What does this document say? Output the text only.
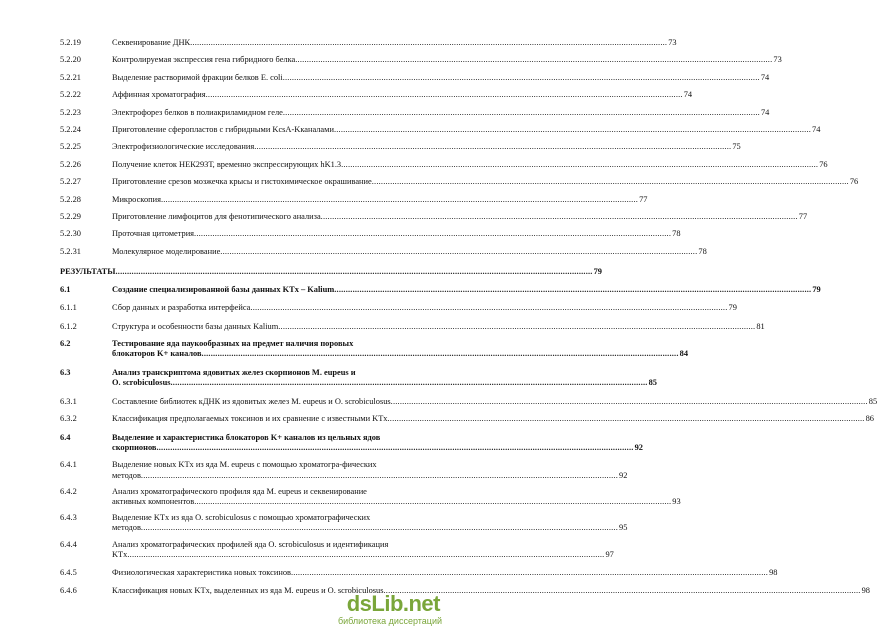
5.2.19	Секвенирование ДНК .....	73
5.2.20	Контролируемая экспрессия гена гибридного белка .....	73
5.2.21	Выделение растворимой фракции белков E. coli .....	74
5.2.22	Аффинная хроматография .....	74
5.2.23	Электрофорез белков в полиакриламидном геле .....	74
5.2.24	Приготовление сферопластов с гибридными KcsA-K каналами .....	74
5.2.25	Электрофизиологические исследования .....	75
5.2.26	Получение клеток НЕК293Т, временно экспрессирующих hK 1.3 .....	76
5.2.27	Приготовление срезов мозжечка крысы и гистохимическое окрашивание .....	76
5.2.28	Микроскопия .....	77
5.2.29	Приготовление лимфоцитов для фенотипического анализа .....	77
5.2.30	Проточная цитометрия .....	78
5.2.31	Молекулярное моделирование .....	78
РЕЗУЛЬТАТЫ .....	79
6.1	Создание специализированной базы данных KTx – Kalium .....	79
6.1.1	Сбор данных и разработка интерфейса .....	79
6.1.2	Структура и особенности базы данных Kalium .....	81
6.2	Тестирование яда паукообразных на предмет наличия поровых
блокаторов K+ каналов .....	84
6.3	Анализ транскриптома ядовитых желез скорпионов M. eupeus и
O. scrobiculosus .....	85
6.3.1	Составление библиотек кДНК из ядовитых желез M. eupeus и O. scrobiculosus .....	85
6.3.2	Классификация предполагаемых токсинов и их сравнение с известными KTx .....	86
6.4	Выделение и характеристика блокаторов K+ каналов из цельных ядов
скорпионов .....	92
6.4.1	Выделение новых KTx из яда M. eupeus с помощью хроматогра-фических
методов .....	92
6.4.2	Анализ хроматографического профиля яда M. eupeus и секвенирование
активных компонентов .....	93
6.4.3	Выделение KTx из яда O. scrobiculosus с помощью хроматографических
методов .....	95
6.4.4	Анализ хроматографических профилей яда O. scrobiculosus и идентификация
KTx .....	97
6.4.5	Физиологическая характеристика новых токсинов .....	98
6.4.6	Классификация новых KTx, выделенных из яда M. eupeus и O. scrobiculosus .....	98
dsLib.net
библиотека диссертаций
